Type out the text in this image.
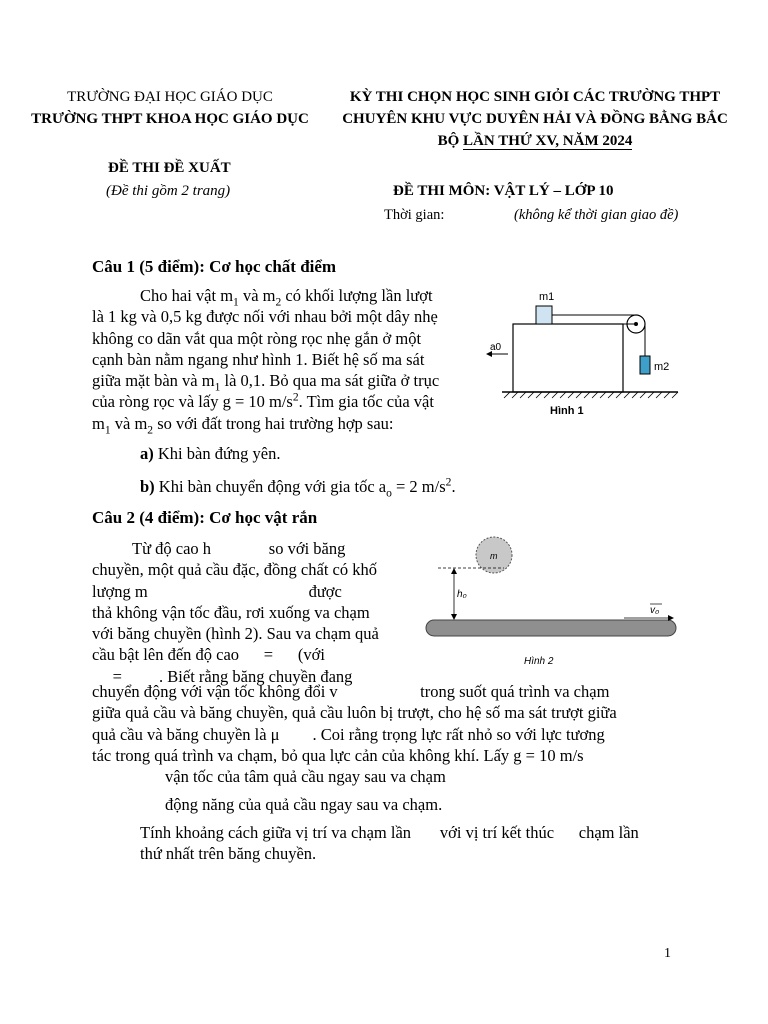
TRƯỜNG ĐẠI HỌC GIÁO DỤC
TRƯỜNG THPT KHOA HỌC GIÁO DỤC
KỲ THI CHỌN HỌC SINH GIỎI CÁC TRƯỜNG THPT
CHUYÊN KHU VỰC DUYÊN HẢI VÀ ĐỒNG BẰNG BẮC
BỘ LẦN THỨ XV, NĂM 2024
ĐỀ THI ĐỀ XUẤT
(Đề thi gồm 2 trang)	ĐỀ THI MÔN: VẬT LÝ – LỚP 10
Thời gian:	(không kể thời gian giao đề)
Câu 1 (5 điểm): Cơ học chất điểm
Cho hai vật $m_1$ và $m_2$ có khối lượng lần lượt
là 1 kg và 0,5 kg được nối với nhau bởi một dây nhẹ
không co dãn vắt qua một ròng rọc nhẹ gắn ở một
cạnh bàn nằm ngang như hình 1. Biết hệ số ma sát
giữa mặt bàn và $m_1$ là 0,1. Bỏ qua ma sát giữa ở trục
của ròng rọc và lấy g = 10 $m/s^2$. Tìm gia tốc của vật
$m_1$ và $m_2$ so với đất trong hai trường hợp sau:
a) Khi bàn đứng yên.
b) Khi bàn chuyển động với gia tốc $a_o = 2$ $m/s^2$.
m1
m2
a0
Hình 1
Câu 2 (4 điểm): Cơ học vật rắn
Từ độ cao h              so với băng
chuyền, một quả cầu đặc, đồng chất có khố
lượng m                                       được
thả không vận tốc đầu, rơi xuống va chạm
với băng chuyền (hình 2). Sau va chạm quả
cầu bật lên đến độ cao      =      (với
=         . Biết rằng băng chuyền đang
chuyển động với vận tốc không đổi v                    trong suốt quá trình va chạm
giữa quả cầu và băng chuyền, quả cầu luôn bị trượt, cho hệ số ma sát trượt giữa
quả cầu và băng chuyền là μ        . Coi rằng trọng lực rất nhỏ so với lực tương
tác trong quá trình va chạm, bỏ qua lực cản của không khí. Lấy g = 10 m/s
vận tốc của tâm quả cầu ngay sau va chạm
động năng của quả cầu ngay sau va chạm.
Tính khoảng cách giữa vị trí va chạm lần       với vị trí kết thúc      chạm lần
thứ nhất trên băng chuyền.
m
h₀
v₀
Hình 2
1
